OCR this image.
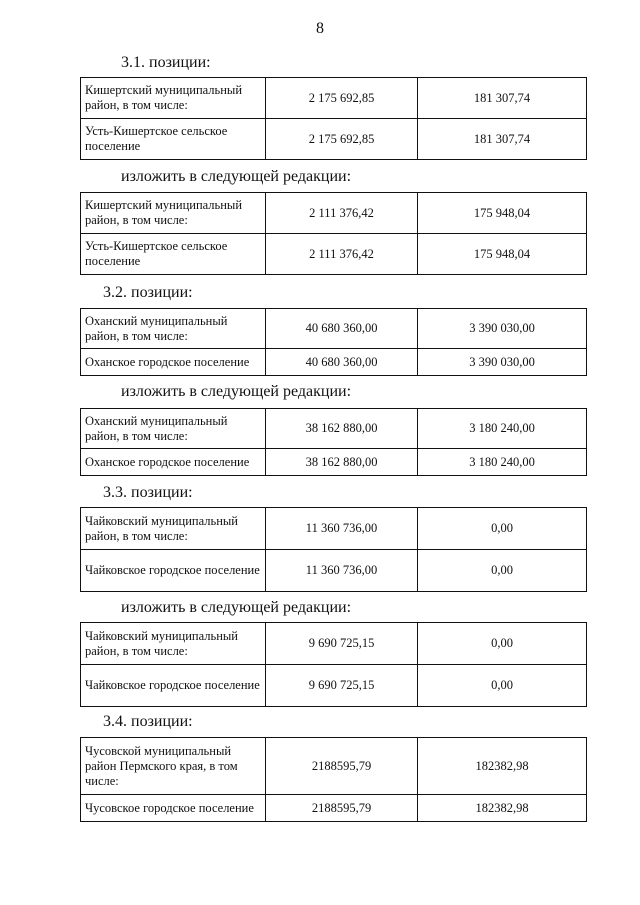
8
3.1. позиции:
Кишертский муниципальный район, в том числе:	2 175 692,85	181 307,74
Усть-Кишертское сельское поселение	2 175 692,85	181 307,74
изложить в следующей редакции:
Кишертский муниципальный район, в том числе:	2 111 376,42	175 948,04
Усть-Кишертское сельское поселение	2 111 376,42	175 948,04
3.2. позиции:
Оханский муниципальный район, в том числе:	40 680 360,00	3 390 030,00
Оханское городское поселение	40 680 360,00	3 390 030,00
изложить в следующей редакции:
Оханский муниципальный район, в том числе:	38 162 880,00	3 180 240,00
Оханское городское поселение	38 162 880,00	3 180 240,00
3.3. позиции:
Чайковский муниципальный район, в том числе:	11 360 736,00	0,00
Чайковское городское поселение	11 360 736,00	0,00
изложить в следующей редакции:
Чайковский муниципальный район, в том числе:	9 690 725,15	0,00
Чайковское городское поселение	9 690 725,15	0,00
3.4. позиции:
Чусовской муниципальный район Пермского края, в том числе:	2188595,79	182382,98
Чусовское городское поселение	2188595,79	182382,98
